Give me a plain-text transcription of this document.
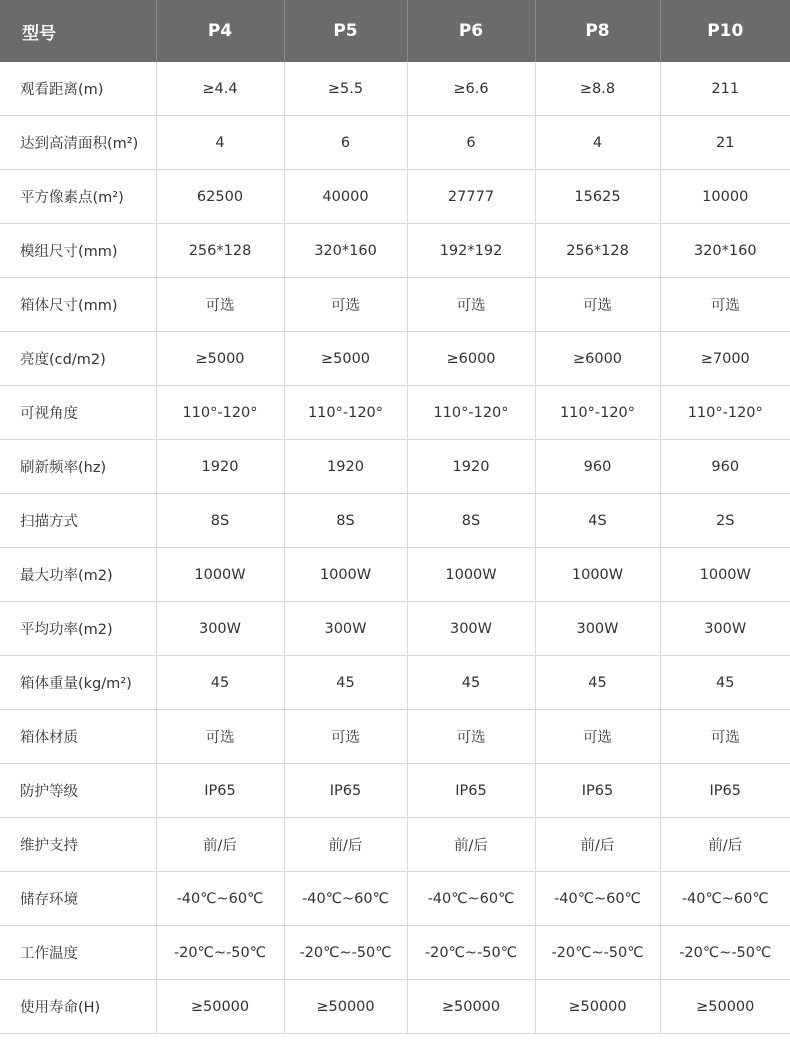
型号	P4	P5	P6	P8	P10
观看距离(m)	≥4.4	≥5.5	≥6.6	≥8.8	211
达到高清面积(m²)	4	6	6	4	21
平方像素点(m²)	62500	40000	27777	15625	10000
模组尺寸(mm)	256*128	320*160	192*192	256*128	320*160
箱体尺寸(mm)	可选	可选	可选	可选	可选
亮度(cd/m2)	≥5000	≥5000	≥6000	≥6000	≥7000
可视角度	110°-120°	110°-120°	110°-120°	110°-120°	110°-120°
刷新频率(hz)	1920	1920	1920	960	960
扫描方式	8S	8S	8S	4S	2S
最大功率(m2)	1000W	1000W	1000W	1000W	1000W
平均功率(m2)	300W	300W	300W	300W	300W
箱体重量(kg/m²)	45	45	45	45	45
箱体材质	可选	可选	可选	可选	可选
防护等级	IP65	IP65	IP65	IP65	IP65
维护支持	前/后	前/后	前/后	前/后	前/后
储存环境	-40℃~60℃	-40℃~60℃	-40℃~60℃	-40℃~60℃	-40℃~60℃
工作温度	-20℃~-50℃	-20℃~-50℃	-20℃~-50℃	-20℃~-50℃	-20℃~-50℃
使用寿命(H)	≥50000	≥50000	≥50000	≥50000	≥50000
